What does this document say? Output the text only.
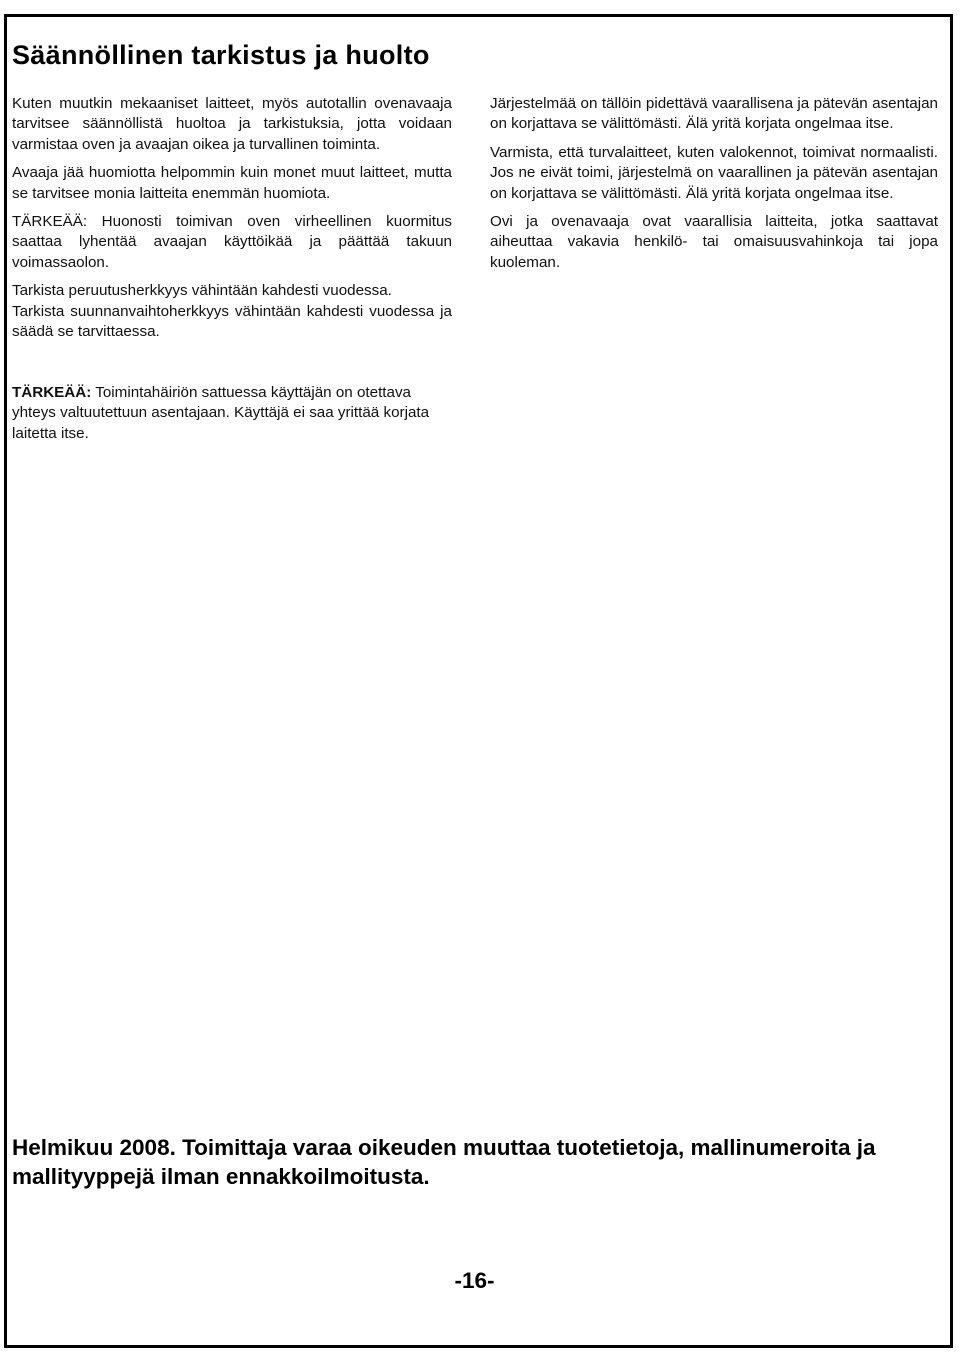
Säännöllinen tarkistus ja huolto

Kuten muutkin mekaaniset laitteet, myös autotallin ovenavaaja tarvitsee säännöllistä huoltoa ja tarkistuksia, jotta voidaan varmistaa oven ja avaajan oikea ja turvallinen toiminta.

Avaaja jää huomiotta helpommin kuin monet muut laitteet, mutta se tarvitsee monia laitteita enemmän huomiota.

TÄRKEÄÄ: Huonosti toimivan oven virheellinen kuormitus saattaa lyhentää avaajan käyttöikää ja päättää takuun voimassaolon.

Tarkista peruutusherkkyys vähintään kahdesti vuodessa.

Tarkista suunnanvaihtoherkkyys vähintään kahdesti vuodessa ja säädä se tarvittaessa.

Järjestelmää on tällöin pidettävä vaarallisena ja pätevän asentajan on korjattava se välittömästi. Älä yritä korjata ongelmaa itse.

Varmista, että turvalaitteet, kuten valokennot, toimivat normaalisti. Jos ne eivät toimi, järjestelmä on vaarallinen ja pätevän asentajan on korjattava se välittömästi. Älä yritä korjata ongelmaa itse.

Ovi ja ovenavaaja ovat vaarallisia laitteita, jotka saattavat aiheuttaa vakavia henkilö- tai omaisuusvahinkoja tai jopa kuoleman.

TÄRKEÄÄ: Toimintahäiriön sattuessa käyttäjän on otettava yhteys valtuutettuun asentajaan. Käyttäjä ei saa yrittää korjata laitetta itse.

Helmikuu 2008. Toimittaja varaa oikeuden muuttaa tuotetietoja, mallinumeroita ja mallityyppejä ilman ennakkoilmoitusta.

-16-
